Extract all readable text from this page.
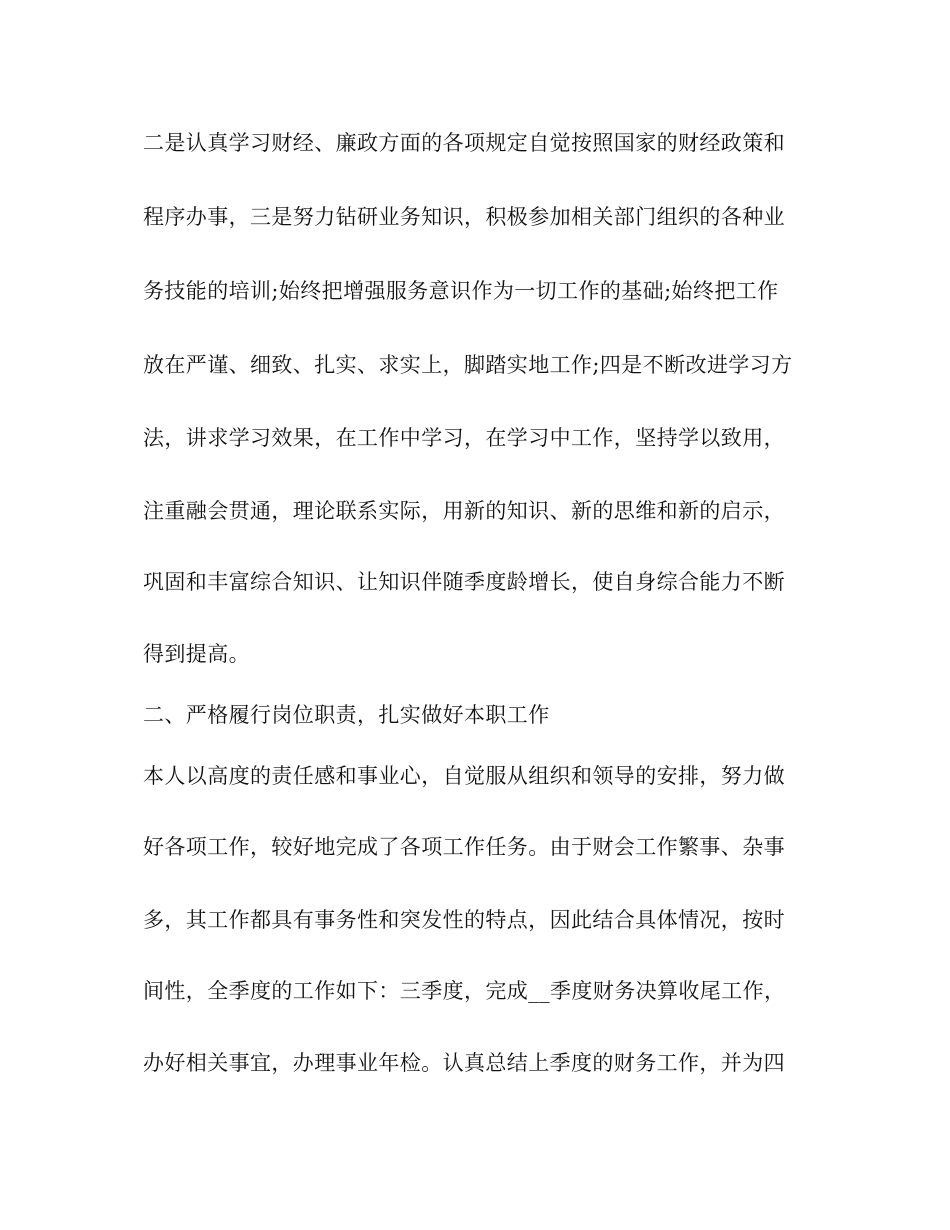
二是认真学习财经、廉政方面的各项规定自觉按照国家的财经政策和
程序办事，三是努力钻研业务知识，积极参加相关部门组织的各种业
务技能的培训;始终把增强服务意识作为一切工作的基础;始终把工作
放在严谨、细致、扎实、求实上，脚踏实地工作;四是不断改进学习方
法，讲求学习效果，在工作中学习，在学习中工作，坚持学以致用，
注重融会贯通，理论联系实际，用新的知识、新的思维和新的启示，
巩固和丰富综合知识、让知识伴随季度龄增长，使自身综合能力不断
得到提高。
二、严格履行岗位职责，扎实做好本职工作
本人以高度的责任感和事业心，自觉服从组织和领导的安排，努力做
好各项工作，较好地完成了各项工作任务。由于财会工作繁事、杂事
多，其工作都具有事务性和突发性的特点，因此结合具体情况，按时
间性，全季度的工作如下：三季度，完成__季度财务决算收尾工作，
办好相关事宜，办理事业年检。认真总结上季度的财务工作，并为四
